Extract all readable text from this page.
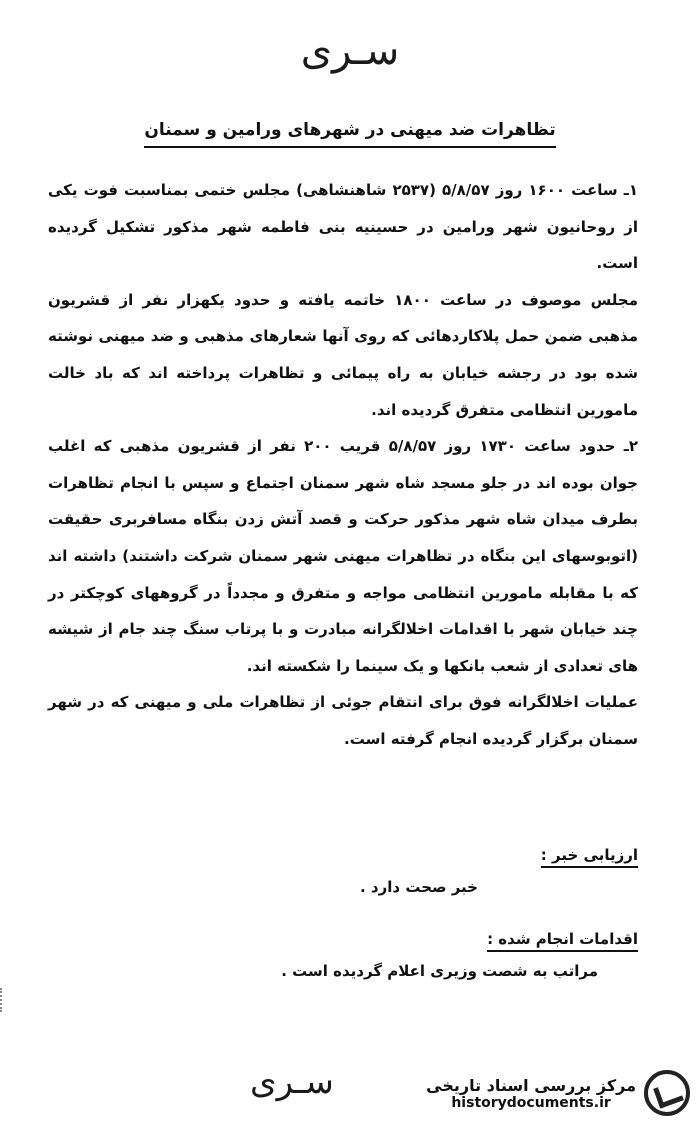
سـری
تظاهرات ضد میهنی در شهرهای ورامین و سمنان

۱ـ ساعت ۱۶۰۰ روز ۵/۸/۵۷ (۲۵۳۷ شاهنشاهی) مجلس ختمی بمناسبت فوت یکی از روحانیون شهر ورامین در حسینیه بنی فاطمه شهر مذکور تشکیل گردیده است.

مجلس موصوف در ساعت ۱۸۰۰ خاتمه یافته و حدود یکهزار نفر از قشریون مذهبی ضمن حمل پلاکاردهائی که روی آنها شعارهای مذهبی و ضد میهنی نوشته شده بود در رجشه خیابان به راه پیمائی و تظاهرات پرداخته اند که باد خالت مامورین انتظامی متفرق گردیده اند.

۲ـ حدود ساعت ۱۷۳۰ روز ۵/۸/۵۷ قریب ۲۰۰ نفر از قشریون مذهبی که اغلب جوان بوده اند در جلو مسجد شاه شهر سمنان اجتماع و سپس با انجام تظاهرات بطرف میدان شاه شهر مذکور حرکت و قصد آتش زدن بنگاه مسافربری حقیقت (اتوبوسهای این بنگاه در تظاهرات میهنی شهر سمنان شرکت داشتند) داشته اند که با مقابله مامورین انتظامی مواجه و متفرق و مجدداً در گروههای کوچکتر در چند خیابان شهر با اقدامات اخلالگرانه مبادرت و با پرتاب سنگ چند جام از شیشه های تعدادی از شعب بانکها و یک سینما را شکسته اند.

عملیات اخلالگرانه فوق برای انتقام جوئی از تظاهرات ملی و میهنی که در شهر سمنان برگزار گردیده انجام گرفته است.

ارزیابی خبر :
خبر صحت دارد .
اقدامات انجام شده :
مراتب به شصت وزیری اعلام گردیده است .
سـری	مرکز بررسی اسناد تاریخی
historydocuments.ir
